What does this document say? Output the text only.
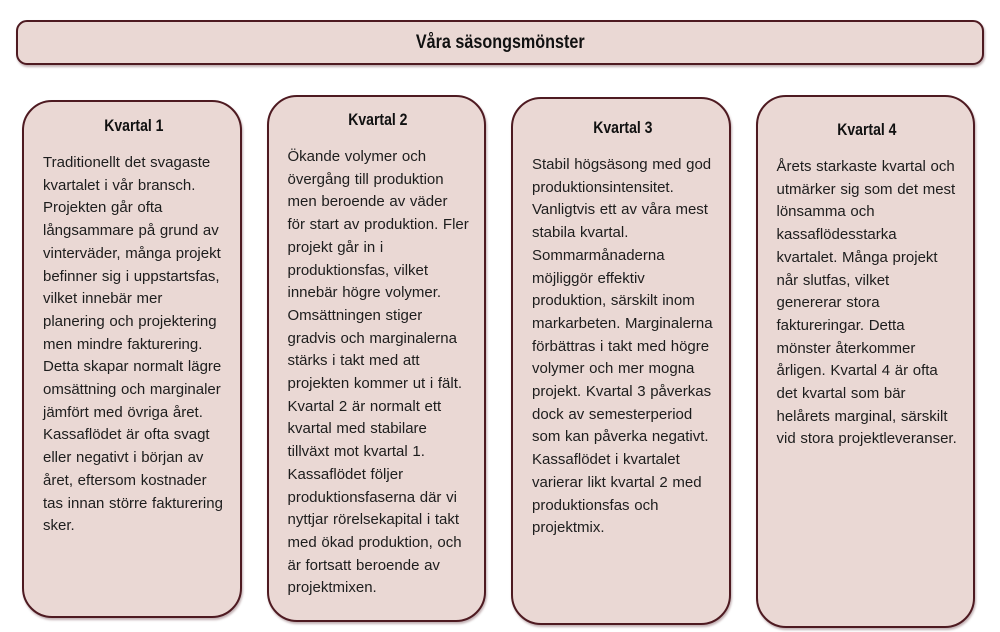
Våra säsongsmönster
Kvartal 1
Traditionellt det svagaste kvartalet i vår bransch. Projekten går ofta långsammare på grund av vinterväder, många projekt befinner sig i uppstartsfas, vilket innebär mer planering och projektering men mindre fakturering. Detta skapar normalt lägre omsättning och marginaler jämfört med övriga året. Kassaflödet är ofta svagt eller negativt i början av året, eftersom kostnader tas innan större fakturering sker.
Kvartal 2
Ökande volymer och övergång till produktion men beroende av väder för start av produktion. Fler projekt går in i produktionsfas, vilket innebär högre volymer. Omsättningen stiger gradvis och marginalerna stärks i takt med att projekten kommer ut i fält. Kvartal 2 är normalt ett kvartal med stabilare tillväxt mot kvartal 1. Kassaflödet följer produktionsfaserna där vi nyttjar rörelsekapital i takt med ökad produktion, och är fortsatt beroende av projektmixen.
Kvartal 3
Stabil högsäsong med god produktionsintensitet. Vanligtvis ett av våra mest stabila kvartal. Sommarmånaderna möjliggör effektiv produktion, särskilt inom markarbeten. Marginalerna förbättras i takt med högre volymer och mer mogna projekt. Kvartal 3 påverkas dock av semesterperiod som kan påverka negativt. Kassaflödet i kvartalet varierar likt kvartal 2 med produktionsfas och projektmix.
Kvartal 4
Årets starkaste kvartal och utmärker sig som det mest lönsamma och kassaflödesstarka kvartalet. Många projekt når slutfas, vilket genererar stora faktureringar. Detta mönster återkommer årligen. Kvartal 4 är ofta det kvartal som bär helårets marginal, särskilt vid stora projektleveranser.
